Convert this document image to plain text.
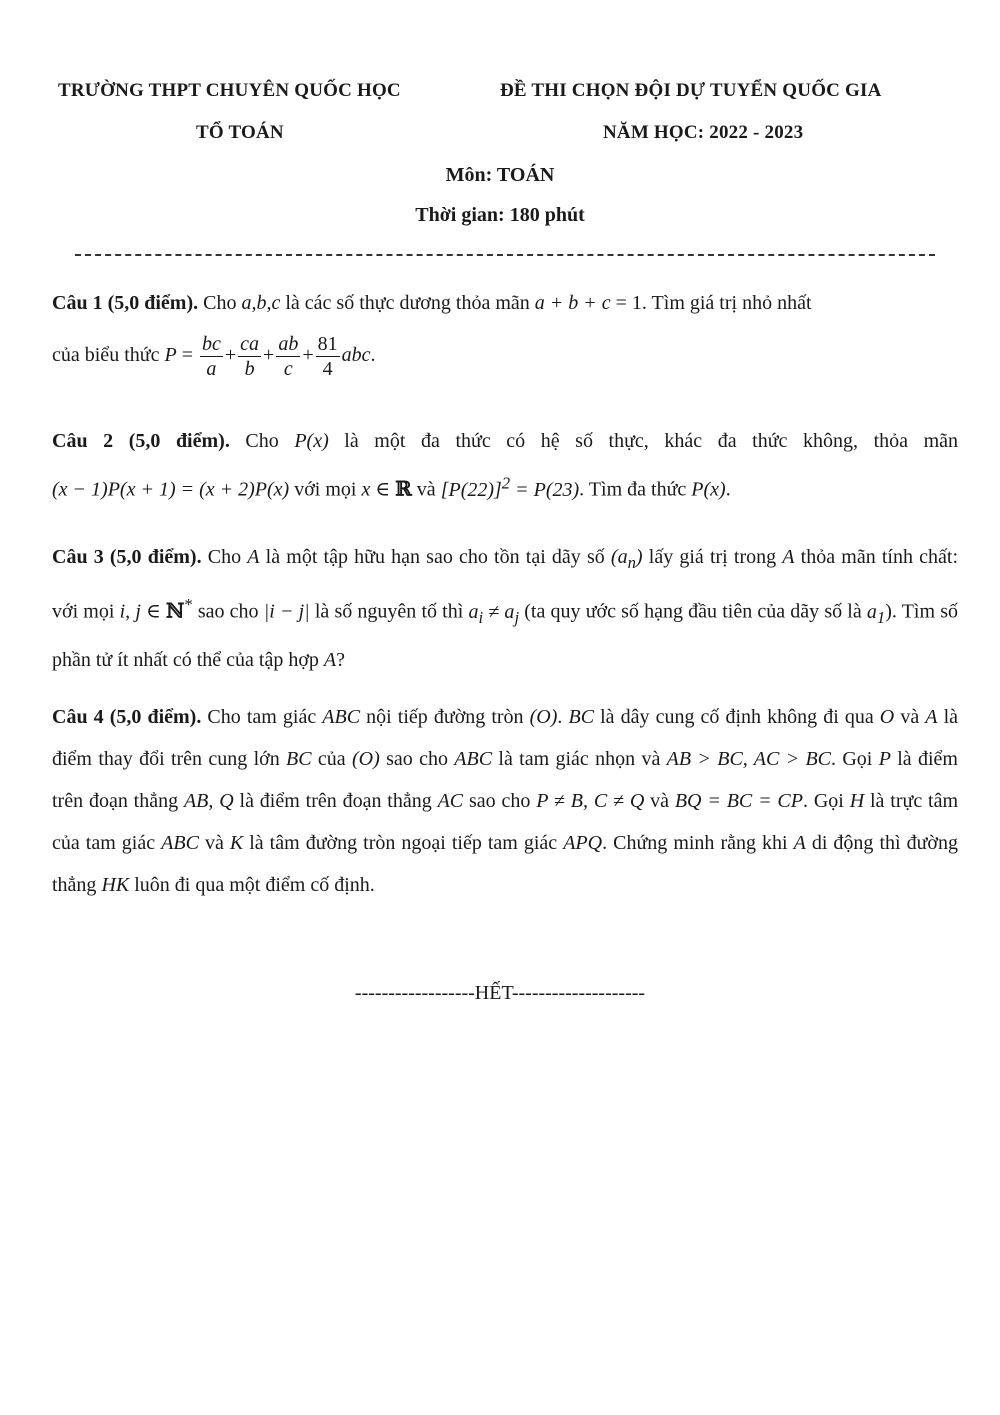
TRƯỜNG THPT CHUYÊN QUỐC HỌC
TỔ TOÁN
ĐỀ THI CHỌN ĐỘI DỰ TUYỂN QUỐC GIA
NĂM HỌC: 2022 - 2023
Môn: TOÁN
Thời gian: 180 phút
Câu 1 (5,0 điểm). Cho a,b,c là các số thực dương thỏa mãn a + b + c = 1. Tìm giá trị nhỏ nhất
của biểu thức $P = \frac{bc}{a} + \frac{ca}{b} + \frac{ab}{c} + \frac{81}{4}$ abc.
Câu 2 (5,0 điểm). Cho P(x) là một đa thức có hệ số thực, khác đa thức không, thỏa mãn (x − 1)P(x + 1) = (x + 2)P(x) với mọi x ∈ ℝ và $[P(22)]^2 = P(23)$. Tìm đa thức P(x).
Câu 3 (5,0 điểm). Cho A là một tập hữu hạn sao cho tồn tại dãy số $(a_n)$ lấy giá trị trong A thỏa mãn tính chất: với mọi i, j ∈ ℕ* sao cho |i − j| là số nguyên tố thì $a_i \ne a_j$ (ta quy ước số hạng đầu tiên của dãy số là $a_1$). Tìm số phần tử ít nhất có thể của tập hợp A?
Câu 4 (5,0 điểm). Cho tam giác ABC nội tiếp đường tròn (O). BC là dây cung cố định không đi qua O và A là điểm thay đổi trên cung lớn BC của (O) sao cho ABC là tam giác nhọn và AB > BC, AC > BC. Gọi P là điểm trên đoạn thẳng AB, Q là điểm trên đoạn thẳng AC sao cho P ≠ B, C ≠ Q và BQ = BC = CP. Gọi H là trực tâm của tam giác ABC và K là tâm đường tròn ngoại tiếp tam giác APQ. Chứng minh rằng khi A di động thì đường thẳng HK luôn đi qua một điểm cố định.
------------------HẾT--------------------
